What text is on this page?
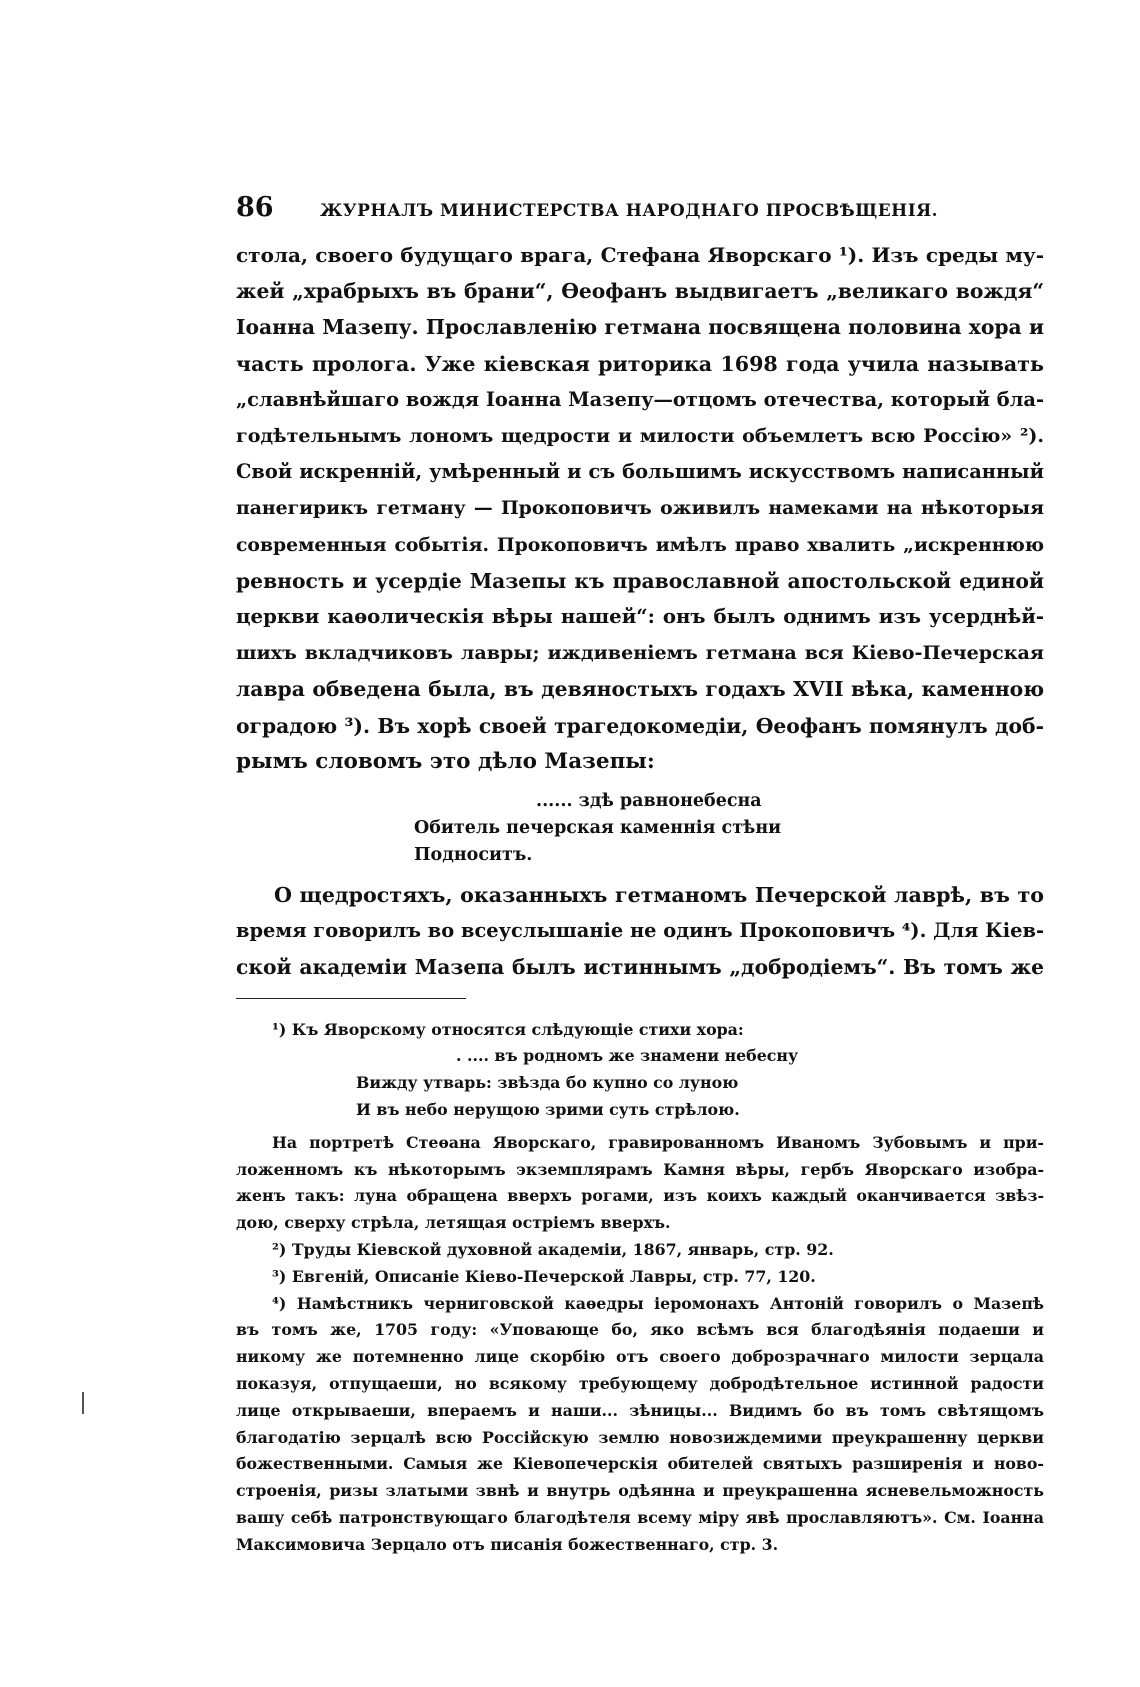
86	ЖУРНАЛЪ МИНИСТЕРСТВА НАРОДНАГО ПРОСВѢЩЕНІЯ.
стола, своего будущаго врага, Стефана Яворскаго ¹). Изъ среды му-
жей „храбрыхъ въ брани“, Ѳеофанъ выдвигаетъ „великаго вождя“
Іоанна Мазепу. Прославленію гетмана посвящена половина хора и
часть пролога. Уже кіевская риторика 1698 года учила называть
„славнѣйшаго вождя Іоанна Мазепу—отцомъ отечества, который бла-
годѣтельнымъ лономъ щедрости и милости объемлетъ всю Россію» ²).
Свой искренній, умѣренный и съ большимъ искусствомъ написанный
панегирикъ гетману — Прокоповичъ оживилъ намеками на нѣкоторыя
современныя событія. Прокоповичъ имѣлъ право хвалить „искреннюю
ревность и усердіе Мазепы къ православной апостольской единой
церкви каѳолическія вѣры нашей“: онъ былъ однимъ изъ усерднѣй-
шихъ вкладчиковъ лавры; иждивеніемъ гетмана вся Кіево-Печерская
лавра обведена была, въ девяностыхъ годахъ XVII вѣка, каменною
оградою ³). Въ хорѣ своей трагедокомедіи, Ѳеофанъ помянулъ доб-
рымъ словомъ это дѣло Мазепы:
...... здѣ равнонебесна
Обитель печерская каменнія стѣни
Подноситъ.
О щедростяхъ, оказанныхъ гетманомъ Печерской лаврѣ, въ то
время говорилъ во всеуслышаніе не одинъ Прокоповичъ ⁴). Для Кіев-
ской академіи Мазепа былъ истиннымъ „добродіемъ“. Въ томъ же
¹) Къ Яворскому относятся слѣдующіе стихи хора:
. .... въ родномъ же знамени небесну
Вижду утварь: звѣзда бо купно со луною
И въ небо нерущою зрими суть стрѣлою.
На портретѣ Стеѳана Яворскаго, гравированномъ Иваномъ Зубовымъ и при-
ложенномъ къ нѣкоторымъ экземплярамъ Камня вѣры, гербъ Яворскаго изобра-
женъ такъ: луна обращена вверхъ рогами, изъ коихъ каждый оканчивается звѣз-
дою, сверху стрѣла, летящая остріемъ вверхъ.
²) Труды Кіевской духовной академіи, 1867, январь, стр. 92.
³) Евгеній, Описаніе Кіево-Печерской Лавры, стр. 77, 120.
⁴) Намѣстникъ черниговской каѳедры іеромонахъ Антоній говорилъ о Мазепѣ
въ томъ же, 1705 году: «Уповающе бо, яко всѣмъ вся благодѣянія подаеши и
никому же потемненно лице скорбію отъ своего доброзрачнаго милости зерцала
показуя, отпущаеши, но всякому требующему добродѣтельное истинной радости
лице открываеши, впераемъ и наши... зѣницы... Видимъ бо въ томъ свѣтящомъ
благодатію зерцалѣ всю Россійскую землю новозиждемими преукрашенну церкви
божественными. Самыя же Кіевопечерскія обителей святыхъ разширенія и ново-
строенія, ризы златыми звнѣ и внутрь одѣянна и преукрашенна ясневельможность
вашу себѣ патронствующаго благодѣтеля всему міру явѣ прославляютъ». См. Іоанна
Максимовича Зерцало отъ писанія божественнаго, стр. 3.
